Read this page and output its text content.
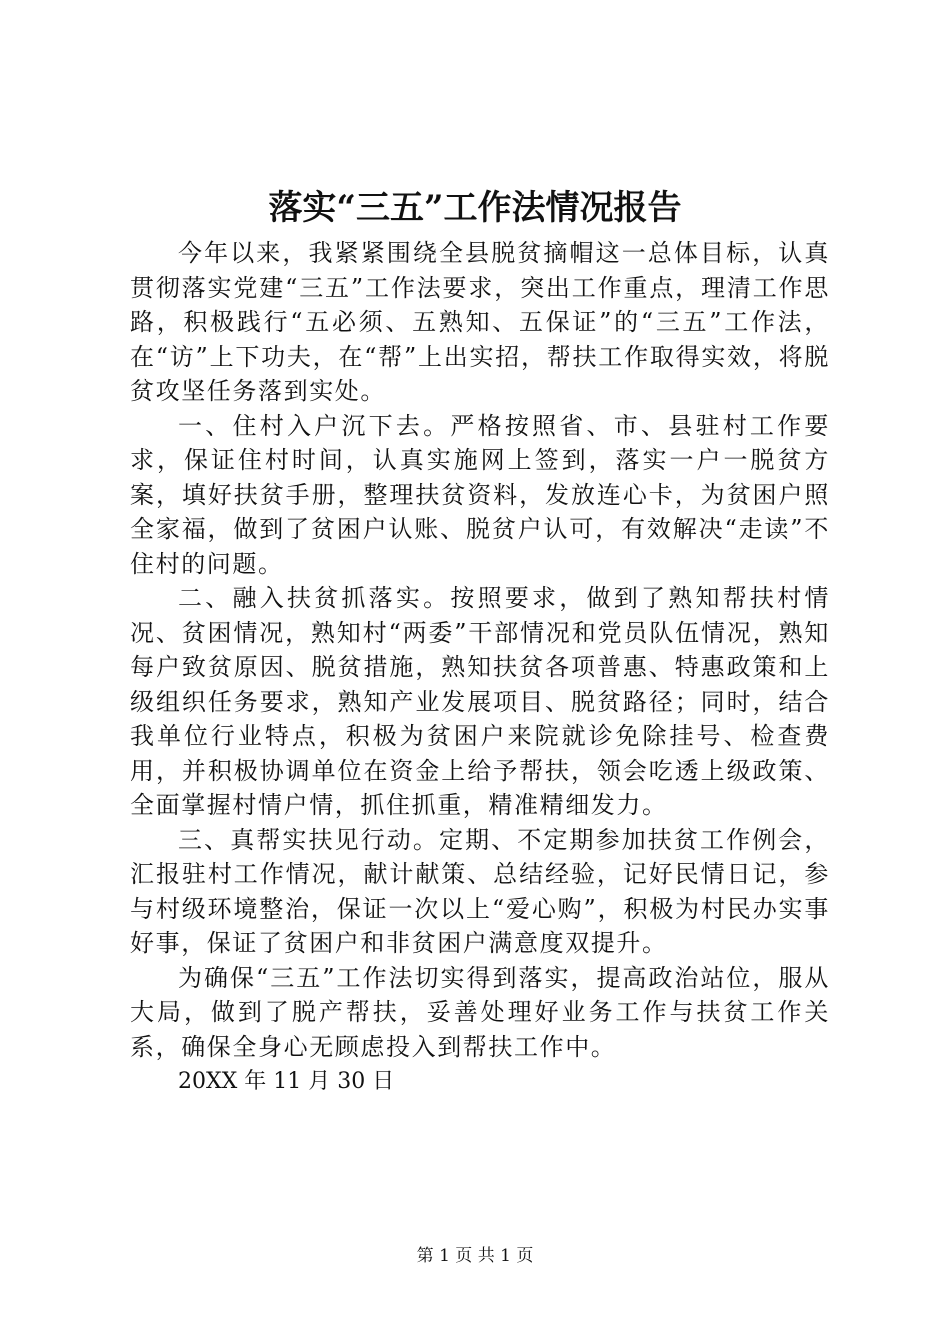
落实“三五”工作法情况报告

今年以来，我紧紧围绕全县脱贫摘帽这一总体目标，认真贯彻落实党建“三五”工作法要求，突出工作重点，理清工作思路，积极践行“五必须、五熟知、五保证”的“三五”工作法，在“访”上下功夫，在“帮”上出实招，帮扶工作取得实效，将脱贫攻坚任务落到实处。

一、住村入户沉下去。严格按照省、市、县驻村工作要求，保证住村时间，认真实施网上签到，落实一户一脱贫方案，填好扶贫手册，整理扶贫资料，发放连心卡，为贫困户照全家福，做到了贫困户认账、脱贫户认可，有效解决“走读”不住村的问题。

二、融入扶贫抓落实。按照要求，做到了熟知帮扶村情况、贫困情况，熟知村“两委”干部情况和党员队伍情况，熟知每户致贫原因、脱贫措施，熟知扶贫各项普惠、特惠政策和上级组织任务要求，熟知产业发展项目、脱贫路径；同时，结合我单位行业特点，积极为贫困户来院就诊免除挂号、检查费用，并积极协调单位在资金上给予帮扶，领会吃透上级政策、全面掌握村情户情，抓住抓重，精准精细发力。

三、真帮实扶见行动。定期、不定期参加扶贫工作例会，汇报驻村工作情况，献计献策、总结经验，记好民情日记，参与村级环境整治，保证一次以上“爱心购”，积极为村民办实事好事，保证了贫困户和非贫困户满意度双提升。

为确保“三五”工作法切实得到落实，提高政治站位，服从大局，做到了脱产帮扶，妥善处理好业务工作与扶贫工作关系，确保全身心无顾虑投入到帮扶工作中。

20XX 年 11 月 30 日

第 1 页 共 1 页
